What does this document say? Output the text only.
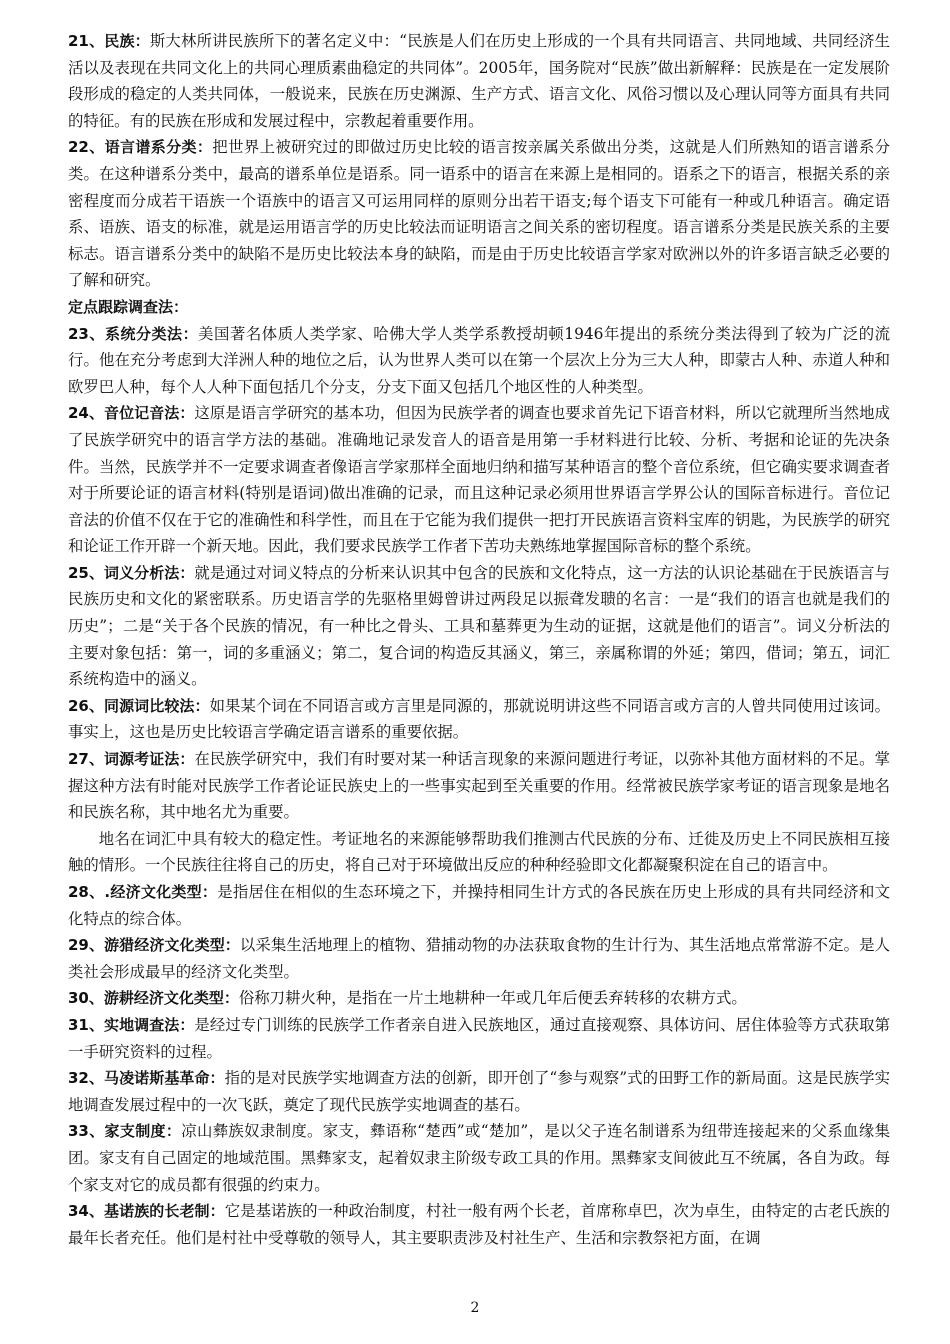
21、民族：斯大林所讲民族所下的著名定义中：“民族是人们在历史上形成的一个具有共同语言、共同地域、共同经济生活以及表现在共同文化上的共同心理质素曲稳定的共同体”。2005年，国务院对“民族”做出新解释：民族是在一定发展阶段形成的稳定的人类共同体，一般说来，民族在历史渊源、生产方式、语言文化、风俗习惯以及心理认同等方面具有共同的特征。有的民族在形成和发展过程中，宗教起着重要作用。

22、语言谱系分类：把世界上被研究过的即做过历史比较的语言按亲属关系做出分类，这就是人们所熟知的语言谱系分类。在这种谱系分类中，最高的谱系单位是语系。同一语系中的语言在来源上是相同的。语系之下的语言，根据关系的亲密程度而分成若干语族一个语族中的语言又可运用同样的原则分出若干语支;每个语支下可能有一种或几种语言。确定语系、语族、语支的标准，就是运用语言学的历史比较法而证明语言之间关系的密切程度。语言谱系分类是民族关系的主要标志。语言谱系分类中的缺陷不是历史比较法本身的缺陷，而是由于历史比较语言学家对欧洲以外的许多语言缺乏必要的了解和研究。

定点跟踪调查法：

23、系统分类法：美国著名体质人类学家、哈佛大学人类学系教授胡顿1946年提出的系统分类法得到了较为广泛的流行。他在充分考虑到大洋洲人种的地位之后，认为世界人类可以在第一个层次上分为三大人种，即蒙古人种、赤道人种和欧罗巴人种，每个人人种下面包括几个分支，分支下面又包括几个地区性的人种类型。

24、音位记音法：这原是语言学研究的基本功，但因为民族学者的调查也要求首先记下语音材料，所以它就理所当然地成了民族学研究中的语言学方法的基础。准确地记录发音人的语音是用第一手材料进行比较、分析、考据和论证的先决条件。当然，民族学并不一定要求调查者像语言学家那样全面地归纳和描写某种语言的整个音位系统，但它确实要求调查者对于所要论证的语言材料(特别是语词)做出准确的记录，而且这种记录必须用世界语言学界公认的国际音标进行。音位记音法的价值不仅在于它的准确性和科学性，而且在于它能为我们提供一把打开民族语言资料宝库的钥匙，为民族学的研究和论证工作开辟一个新天地。因此，我们要求民族学工作者下苦功夫熟练地掌握国际音标的整个系统。

25、词义分析法：就是通过对词义特点的分析来认识其中包含的民族和文化特点，这一方法的认识论基础在于民族语言与民族历史和文化的紧密联系。历史语言学的先驱格里姆曾讲过两段足以振聋发聩的名言：一是“我们的语言也就是我们的历史”；二是“关于各个民族的情况，有一种比之骨头、工具和墓葬更为生动的证据，这就是他们的语言”。词义分析法的主要对象包括：第一，词的多重涵义；第二，复合词的构造反其涵义，第三，亲属称谓的外延；第四，借词；第五，词汇系统构造中的涵义。

26、同源词比较法：如果某个词在不同语言或方言里是同源的，那就说明讲这些不同语言或方言的人曾共同使用过该词。事实上，这也是历史比较语言学确定语言谱系的重要依据。

27、词源考证法：在民族学研究中，我们有时要对某一种话言现象的来源问题进行考证，以弥补其他方面材料的不足。掌握这种方法有时能对民族学工作者论证民族史上的一些事实起到至关重要的作用。经常被民族学家考证的语言现象是地名和民族名称，其中地名尤为重要。

地名在词汇中具有较大的稳定性。考证地名的来源能够帮助我们推测古代民族的分布、迁徙及历史上不同民族相互接触的情形。一个民族往往将自己的历史，将自己对于环境做出反应的种种经验即文化都凝聚积淀在自己的语言中。

28、.经济文化类型：是指居住在相似的生态环境之下，并操持相同生计方式的各民族在历史上形成的具有共同经济和文化特点的综合体。

29、游猎经济文化类型：以采集生活地理上的植物、猎捕动物的办法获取食物的生计行为、其生活地点常常游不定。是人类社会形成最早的经济文化类型。

30、游耕经济文化类型：俗称刀耕火种，是指在一片土地耕种一年或几年后便丢弃转移的农耕方式。

31、实地调查法：是经过专门训练的民族学工作者亲自进入民族地区，通过直接观察、具体访问、居住体验等方式获取第一手研究资料的过程。

32、马凌诺斯基革命：指的是对民族学实地调查方法的创新，即开创了“参与观察”式的田野工作的新局面。这是民族学实地调查发展过程中的一次飞跃，奠定了现代民族学实地调查的基石。

33、家支制度：凉山彝族奴隶制度。家支，彝语称“楚西”或“楚加”，是以父子连名制谱系为纽带连接起来的父系血缘集团。家支有自己固定的地域范围。黑彝家支，起着奴隶主阶级专政工具的作用。黑彝家支间彼此互不统属，各自为政。每个家支对它的成员都有很强的约束力。

34、基诺族的长老制：它是基诺族的一种政治制度，村社一般有两个长老，首席称卓巴，次为卓生，由特定的古老氏族的最年长者充任。他们是村社中受尊敬的领导人，其主要职责涉及村社生产、生活和宗教祭祀方面，在调

2
